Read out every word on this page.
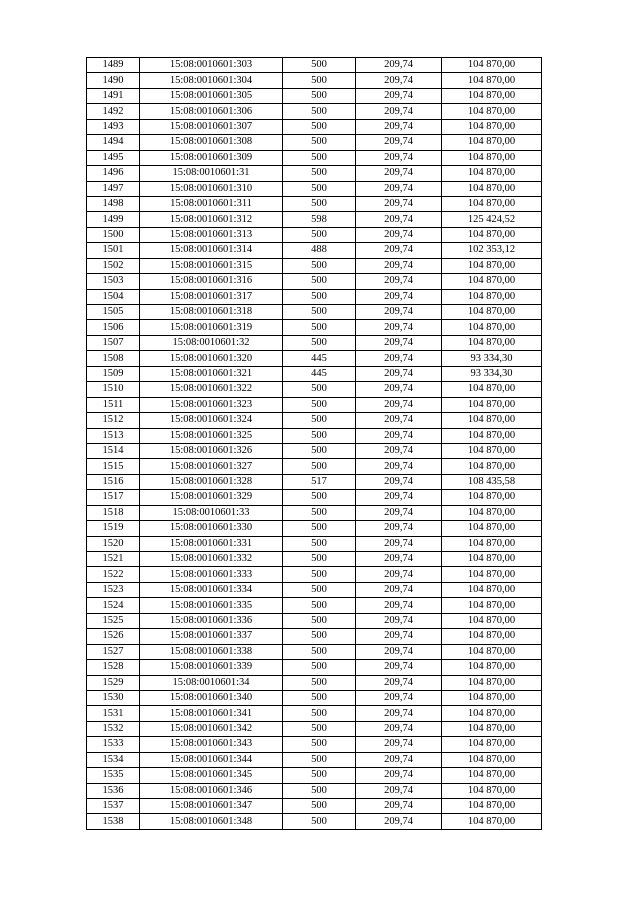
1489	15:08:0010601:303	500	209,74	104 870,00
1490	15:08:0010601:304	500	209,74	104 870,00
1491	15:08:0010601:305	500	209,74	104 870,00
1492	15:08:0010601:306	500	209,74	104 870,00
1493	15:08:0010601:307	500	209,74	104 870,00
1494	15:08:0010601:308	500	209,74	104 870,00
1495	15:08:0010601:309	500	209,74	104 870,00
1496	15:08:0010601:31	500	209,74	104 870,00
1497	15:08:0010601:310	500	209,74	104 870,00
1498	15:08:0010601:311	500	209,74	104 870,00
1499	15:08:0010601:312	598	209,74	125 424,52
1500	15:08:0010601:313	500	209,74	104 870,00
1501	15:08:0010601:314	488	209,74	102 353,12
1502	15:08:0010601:315	500	209,74	104 870,00
1503	15:08:0010601:316	500	209,74	104 870,00
1504	15:08:0010601:317	500	209,74	104 870,00
1505	15:08:0010601:318	500	209,74	104 870,00
1506	15:08:0010601:319	500	209,74	104 870,00
1507	15:08:0010601:32	500	209,74	104 870,00
1508	15:08:0010601:320	445	209,74	93 334,30
1509	15:08:0010601:321	445	209,74	93 334,30
1510	15:08:0010601:322	500	209,74	104 870,00
1511	15:08:0010601:323	500	209,74	104 870,00
1512	15:08:0010601:324	500	209,74	104 870,00
1513	15:08:0010601:325	500	209,74	104 870,00
1514	15:08:0010601:326	500	209,74	104 870,00
1515	15:08:0010601:327	500	209,74	104 870,00
1516	15:08:0010601:328	517	209,74	108 435,58
1517	15:08:0010601:329	500	209,74	104 870,00
1518	15:08:0010601:33	500	209,74	104 870,00
1519	15:08:0010601:330	500	209,74	104 870,00
1520	15:08:0010601:331	500	209,74	104 870,00
1521	15:08:0010601:332	500	209,74	104 870,00
1522	15:08:0010601:333	500	209,74	104 870,00
1523	15:08:0010601:334	500	209,74	104 870,00
1524	15:08:0010601:335	500	209,74	104 870,00
1525	15:08:0010601:336	500	209,74	104 870,00
1526	15:08:0010601:337	500	209,74	104 870,00
1527	15:08:0010601:338	500	209,74	104 870,00
1528	15:08:0010601:339	500	209,74	104 870,00
1529	15:08:0010601:34	500	209,74	104 870,00
1530	15:08:0010601:340	500	209,74	104 870,00
1531	15:08:0010601:341	500	209,74	104 870,00
1532	15:08:0010601:342	500	209,74	104 870,00
1533	15:08:0010601:343	500	209,74	104 870,00
1534	15:08:0010601:344	500	209,74	104 870,00
1535	15:08:0010601:345	500	209,74	104 870,00
1536	15:08:0010601:346	500	209,74	104 870,00
1537	15:08:0010601:347	500	209,74	104 870,00
1538	15:08:0010601:348	500	209,74	104 870,00
